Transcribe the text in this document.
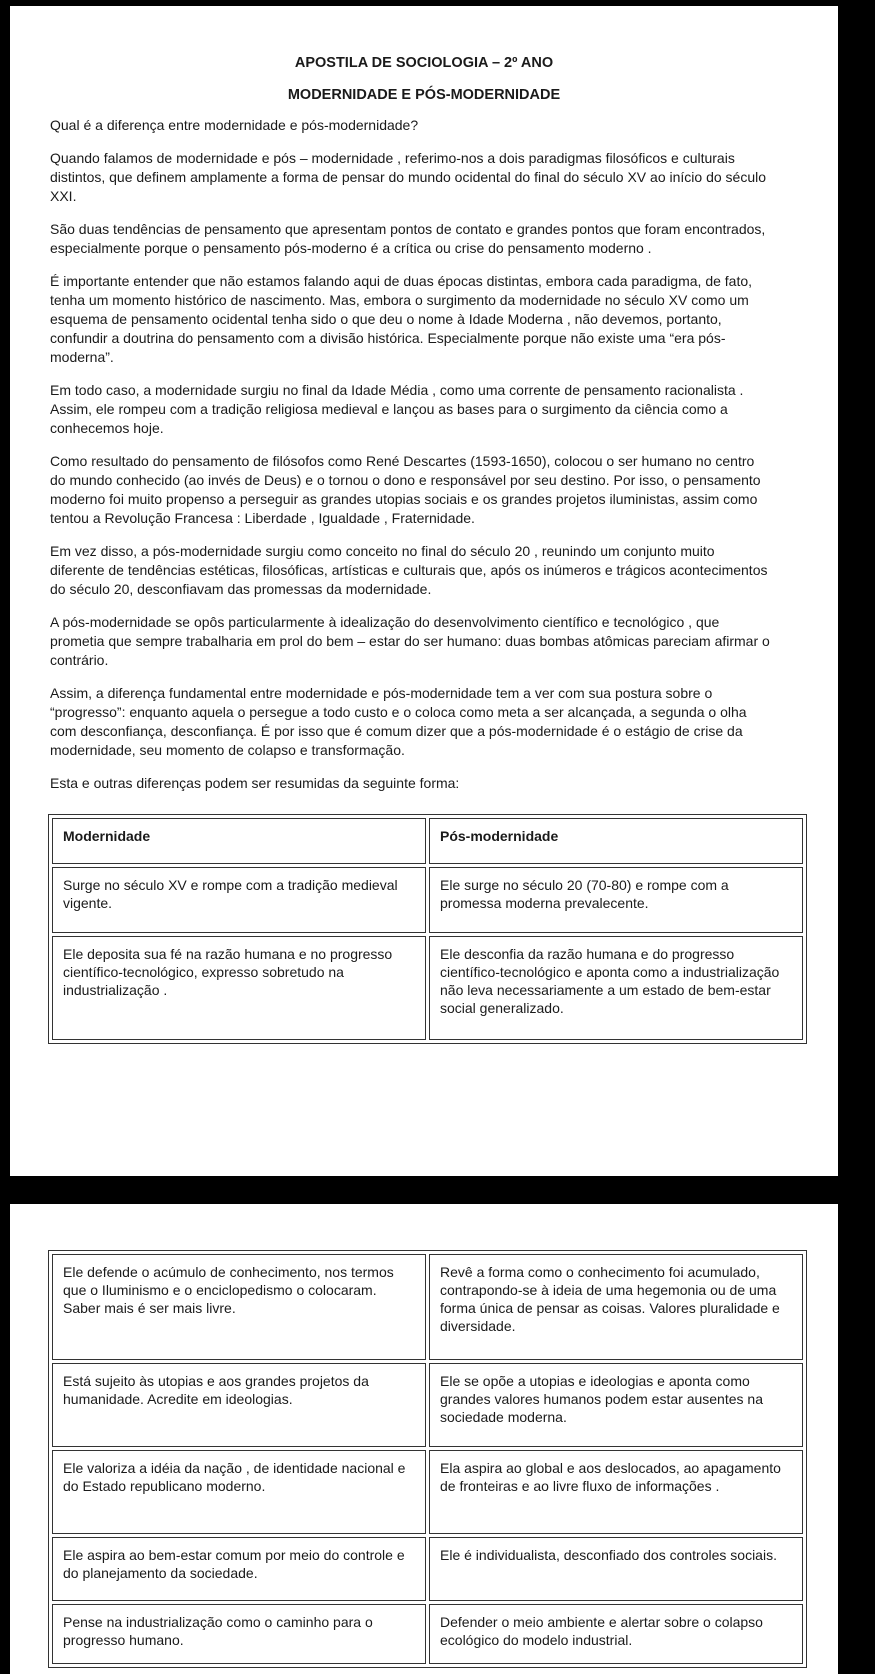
APOSTILA DE SOCIOLOGIA – 2º ANO
MODERNIDADE E PÓS-MODERNIDADE

Qual é a diferença entre modernidade e pós-modernidade?

Quando falamos de modernidade e pós – modernidade , referimo-nos a dois paradigmas filosóficos e culturais distintos, que definem amplamente a forma de pensar do mundo ocidental do final do século XV ao início do século XXI.

São duas tendências de pensamento que apresentam pontos de contato e grandes pontos que foram encontrados, especialmente porque o pensamento pós-moderno é a crítica ou crise do pensamento moderno .

É importante entender que não estamos falando aqui de duas épocas distintas, embora cada paradigma, de fato, tenha um momento histórico de nascimento. Mas, embora o surgimento da modernidade no século XV como um esquema de pensamento ocidental tenha sido o que deu o nome à Idade Moderna , não devemos, portanto, confundir a doutrina do pensamento com a divisão histórica. Especialmente porque não existe uma “era pós-moderna”.

Em todo caso, a modernidade surgiu no final da Idade Média , como uma corrente de pensamento racionalista . Assim, ele rompeu com a tradição religiosa medieval e lançou as bases para o surgimento da ciência como a conhecemos hoje.

Como resultado do pensamento de filósofos como René Descartes (1593-1650), colocou o ser humano no centro do mundo conhecido (ao invés de Deus) e o tornou o dono e responsável por seu destino. Por isso, o pensamento moderno foi muito propenso a perseguir as grandes utopias sociais e os grandes projetos iluministas, assim como tentou a Revolução Francesa : Liberdade , Igualdade , Fraternidade.

Em vez disso, a pós-modernidade surgiu como conceito no final do século 20 , reunindo um conjunto muito diferente de tendências estéticas, filosóficas, artísticas e culturais que, após os inúmeros e trágicos acontecimentos do século 20, desconfiavam das promessas da modernidade.

A pós-modernidade se opôs particularmente à idealização do desenvolvimento científico e tecnológico , que prometia que sempre trabalharia em prol do bem – estar do ser humano: duas bombas atômicas pareciam afirmar o contrário.

Assim, a diferença fundamental entre modernidade e pós-modernidade tem a ver com sua postura sobre o “progresso”: enquanto aquela o persegue a todo custo e o coloca como meta a ser alcançada, a segunda o olha com desconfiança, desconfiança. É por isso que é comum dizer que a pós-modernidade é o estágio de crise da modernidade, seu momento de colapso e transformação.

Esta e outras diferenças podem ser resumidas da seguinte forma:

Modernidade	Pós-modernidade
Surge no século XV e rompe com a tradição medieval vigente.	Ele surge no século 20 (70-80) e rompe com a promessa moderna prevalecente.
Ele deposita sua fé na razão humana e no progresso científico-tecnológico, expresso sobretudo na industrialização .	Ele desconfia da razão humana e do progresso científico-tecnológico e aponta como a industrialização não leva necessariamente a um estado de bem-estar social generalizado.
Ele defende o acúmulo de conhecimento, nos termos que o Iluminismo e o enciclopedismo o colocaram. Saber mais é ser mais livre.	Revê a forma como o conhecimento foi acumulado, contrapondo-se à ideia de uma hegemonia ou de uma forma única de pensar as coisas. Valores pluralidade e diversidade.
Está sujeito às utopias e aos grandes projetos da humanidade. Acredite em ideologias.	Ele se opõe a utopias e ideologias e aponta como grandes valores humanos podem estar ausentes na sociedade moderna.
Ele valoriza a idéia da nação , de identidade nacional e do Estado republicano moderno.	Ela aspira ao global e aos deslocados, ao apagamento de fronteiras e ao livre fluxo de informações .
Ele aspira ao bem-estar comum por meio do controle e do planejamento da sociedade.	Ele é individualista, desconfiado dos controles sociais.
Pense na industrialização como o caminho para o progresso humano.	Defender o meio ambiente e alertar sobre o colapso ecológico do modelo industrial.
